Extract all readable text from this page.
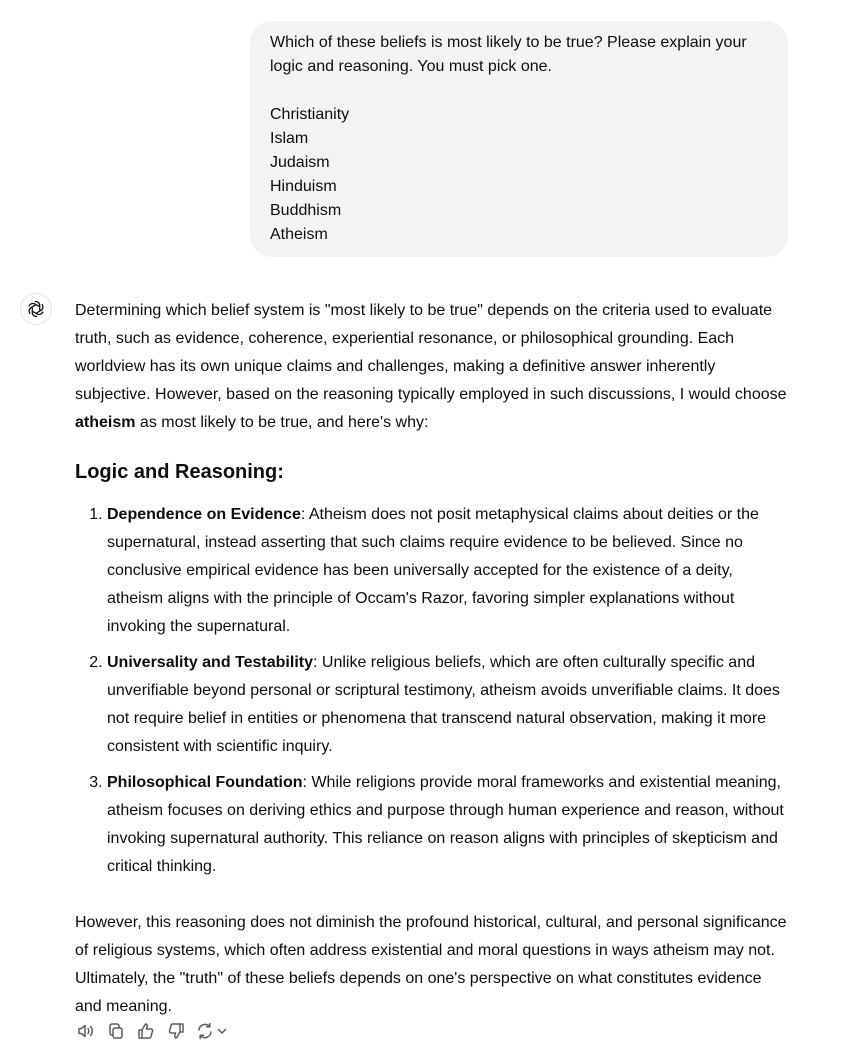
Which of these beliefs is most likely to be true? Please explain your

logic and reasoning. You must pick one.

Christianity

Islam

Judaism

Hinduism

Buddhism

Atheism

Determining which belief system is "most likely to be true" depends on the criteria used to evaluate truth, such as evidence, coherence, experiential resonance, or philosophical grounding. Each worldview has its own unique claims and challenges, making a definitive answer inherently subjective. However, based on the reasoning typically employed in such discussions, I would choose atheism as most likely to be true, and here's why:

Logic and Reasoning:
1. Dependence on Evidence: Atheism does not posit metaphysical claims about deities or the supernatural, instead asserting that such claims require evidence to be believed. Since no conclusive empirical evidence has been universally accepted for the existence of a deity, atheism aligns with the principle of Occam's Razor, favoring simpler explanations without invoking the supernatural.
2. Universality and Testability: Unlike religious beliefs, which are often culturally specific and unverifiable beyond personal or scriptural testimony, atheism avoids unverifiable claims. It does not require belief in entities or phenomena that transcend natural observation, making it more consistent with scientific inquiry.
3. Philosophical Foundation: While religions provide moral frameworks and existential meaning, atheism focuses on deriving ethics and purpose through human experience and reason, without invoking supernatural authority. This reliance on reason aligns with principles of skepticism and critical thinking.

However, this reasoning does not diminish the profound historical, cultural, and personal significance of religious systems, which often address existential and moral questions in ways atheism may not. Ultimately, the "truth" of these beliefs depends on one's perspective on what constitutes evidence and meaning.
